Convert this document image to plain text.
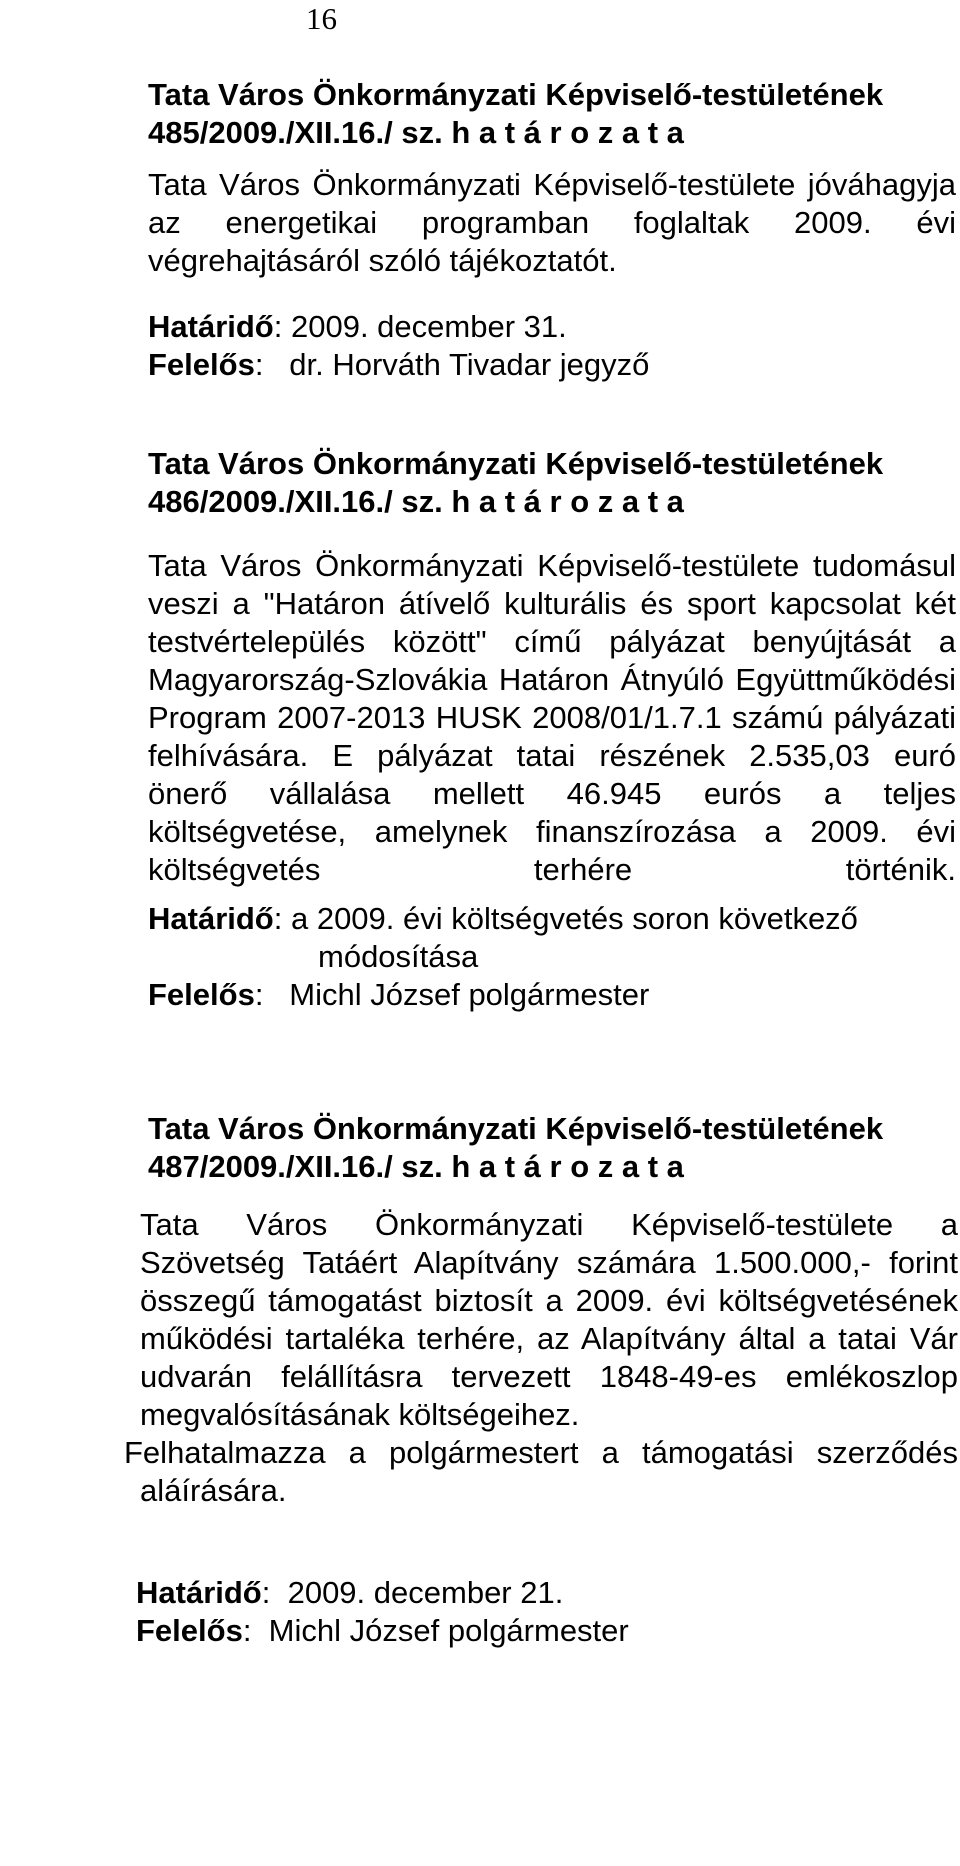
16

Tata Város Önkormányzati Képviselő-testületének

485/2009./XII.16./ sz. h a t á r o z a t a

Tata Város Önkormányzati Képviselő-testülete jóváhagyja

az energetikai programban foglaltak 2009. évi

végrehajtásáról szóló tájékoztatót.

Határidő: 2009. december 31.

Felelős:   dr. Horváth Tivadar jegyző

Tata Város Önkormányzati Képviselő-testületének

486/2009./XII.16./ sz. h a t á r o z a t a

Tata Város Önkormányzati Képviselő-testülete tudomásul

veszi a "Határon átívelő kulturális és sport kapcsolat két

testvértelepülés között" című pályázat benyújtását a

Magyarország-Szlovákia Határon Átnyúló Együttműködési

Program 2007-2013 HUSK 2008/01/1.7.1 számú pályázati

felhívására. E pályázat tatai részének 2.535,03 euró

önerő vállalása mellett 46.945 eurós a teljes

költségvetése, amelynek finanszírozása a 2009. évi

költségvetés terhére történik.

Határidő: a 2009. évi költségvetés soron következő

módosítása

Felelős:   Michl József polgármester

Tata Város Önkormányzati Képviselő-testületének

487/2009./XII.16./ sz. h a t á r o z a t a

Tata Város Önkormányzati Képviselő-testülete a

Szövetség Tatáért Alapítvány számára 1.500.000,- forint

összegű támogatást biztosít a 2009. évi költségvetésének

működési tartaléka terhére, az Alapítvány által a tatai Vár

udvarán felállításra tervezett 1848-49-es emlékoszlop

megvalósításának költségeihez.

Felhatalmazza a polgármestert a támogatási szerződés

aláírására.

Határidő:  2009. december 21.

Felelős:  Michl József polgármester
